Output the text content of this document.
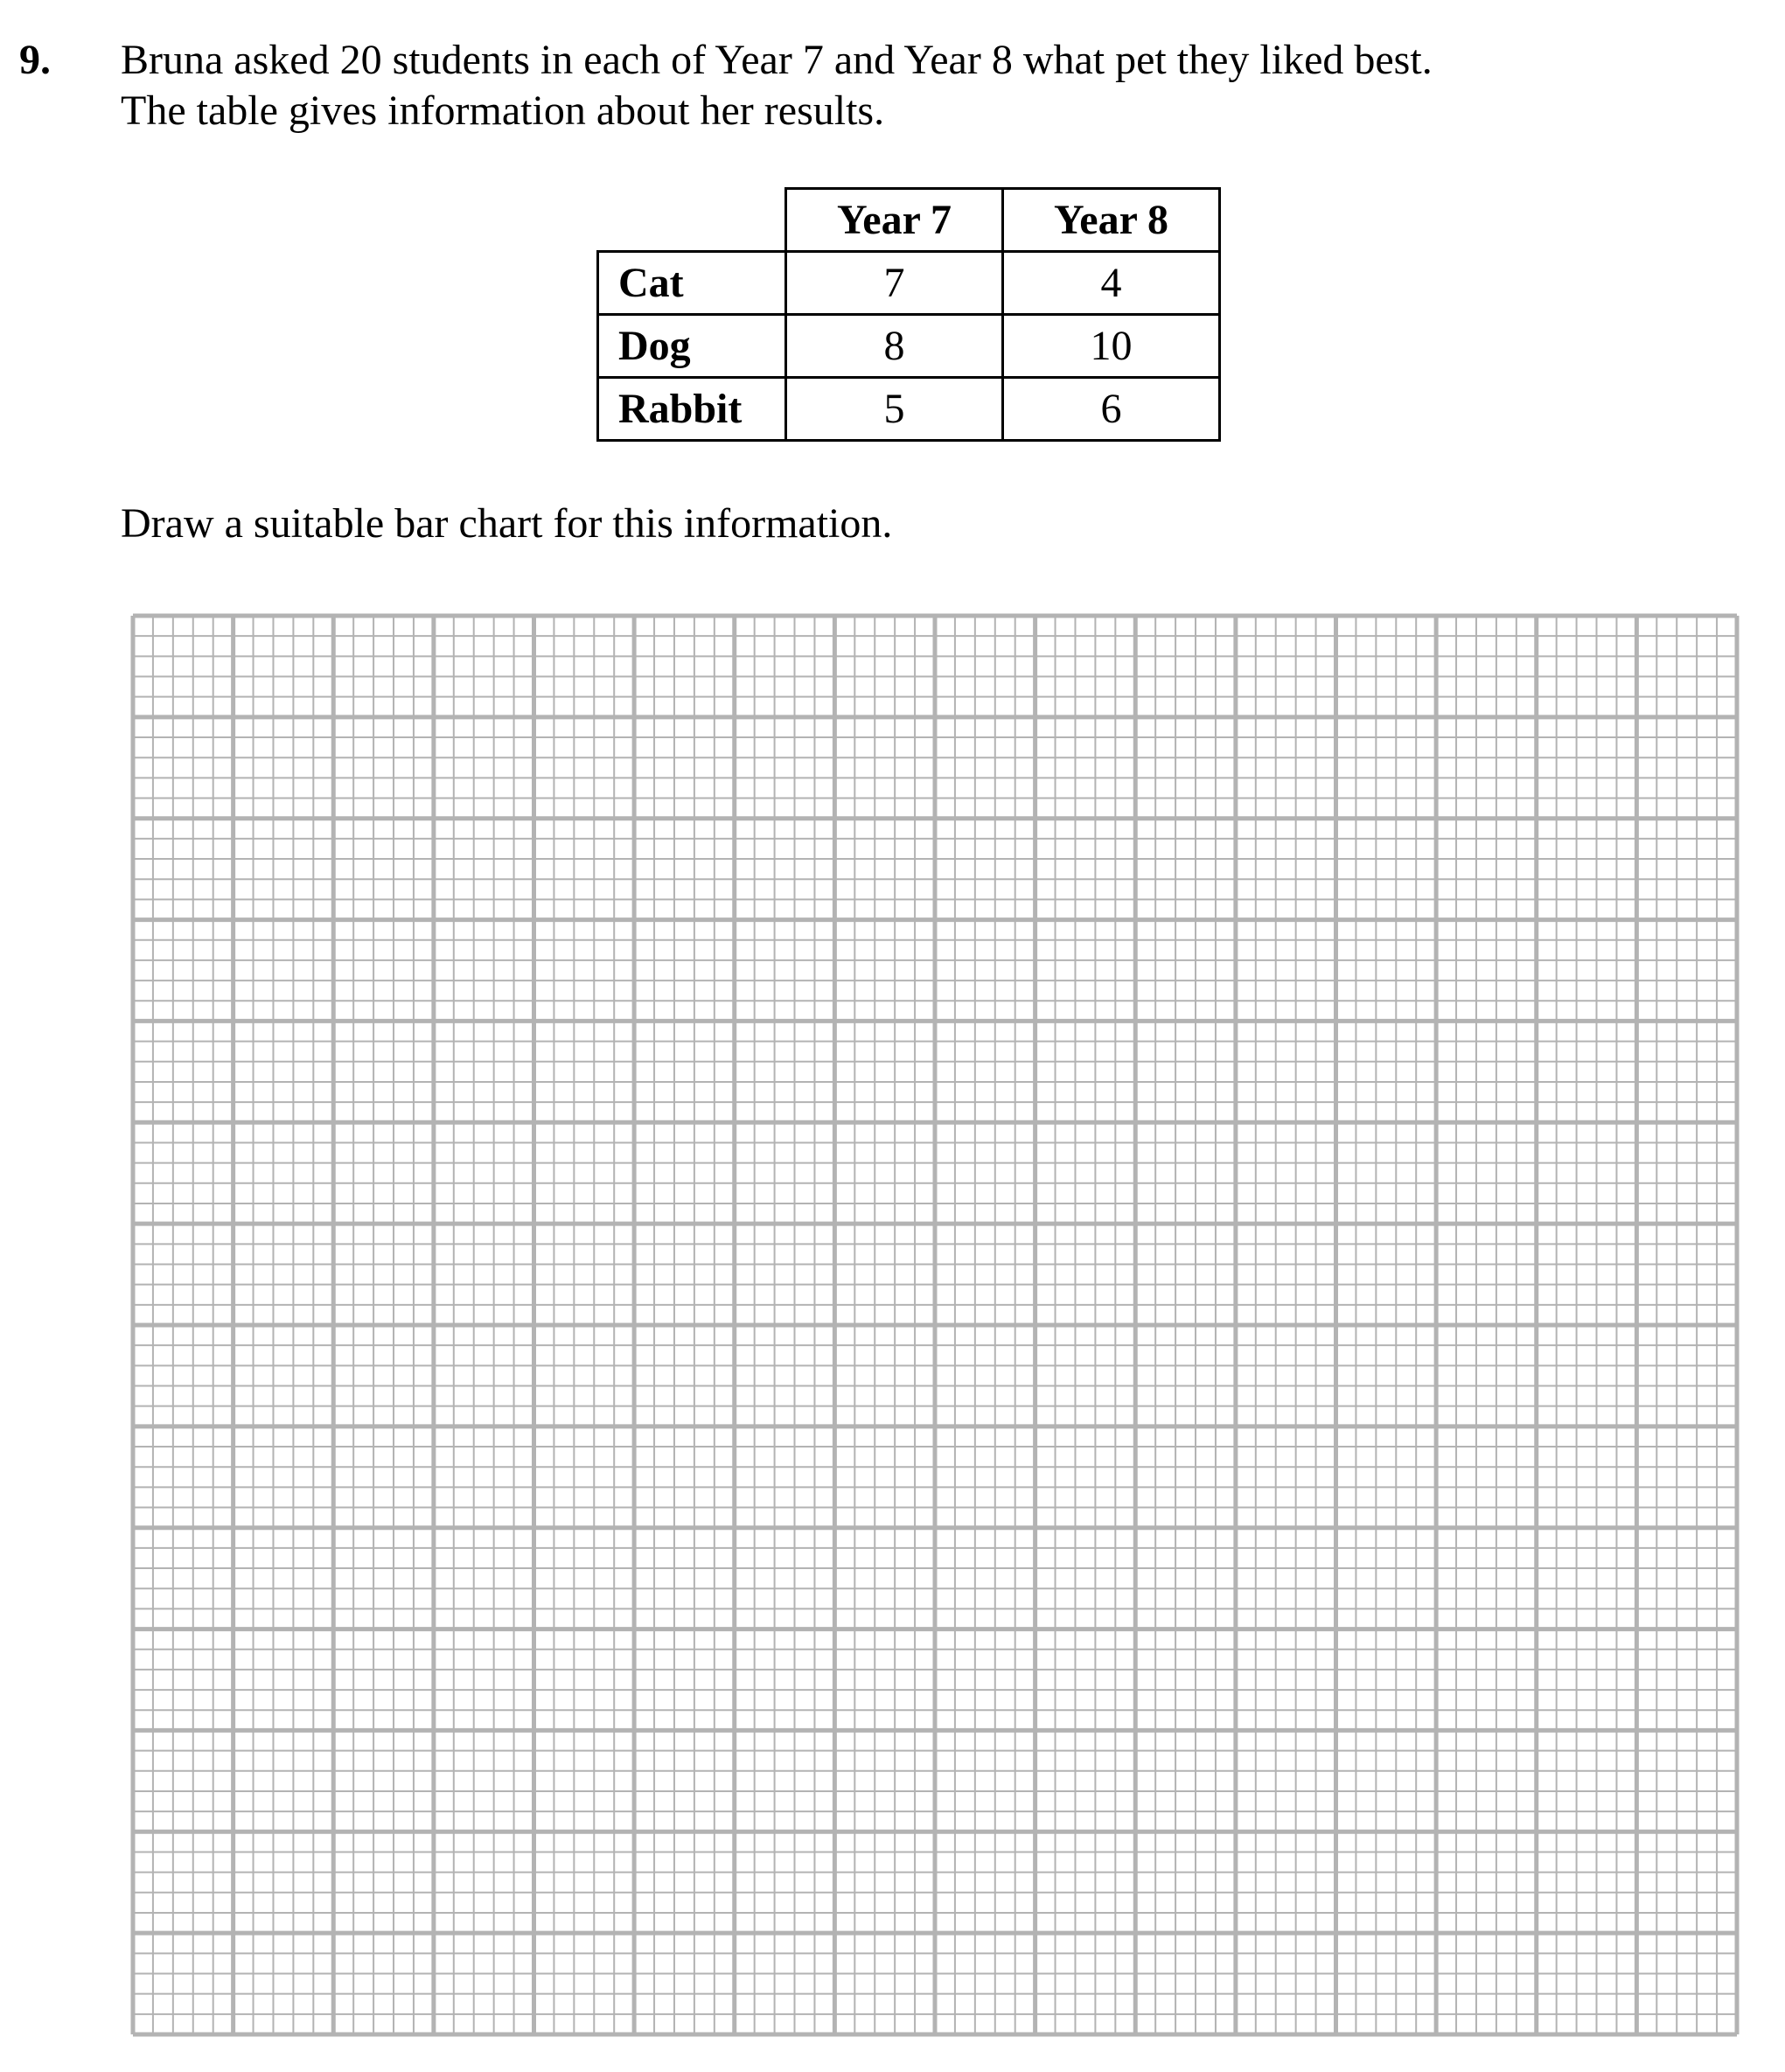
9. Bruna asked 20 students in each of Year 7 and Year 8 what pet they liked best.

The table gives information about her results.

	Year 7	Year 8
Cat	7	4
Dog	8	10
Rabbit	5	6
Draw a suitable bar chart for this information.
